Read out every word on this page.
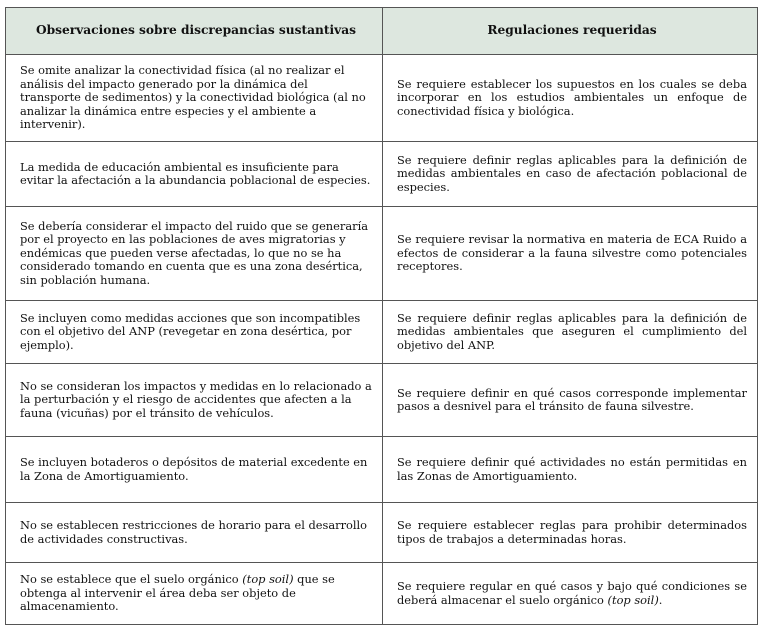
Observaciones sobre discrepancias sustantivas	Regulaciones requeridas

Se omite analizar la conectividad física (al no realizar el análisis del impacto generado por la dinámica del transporte de sedimentos) y la conectividad biológica (al no analizar la dinámica entre especies y el ambiente a intervenir).	Se requiere establecer los supuestos en los cuales se deba incorporar en los estudios ambientales un enfoque de conectividad física y biológica.

La medida de educación ambiental es insuficiente para evitar la afectación a la abundancia poblacional de especies.	Se requiere definir reglas aplicables para la definición de medidas ambientales en caso de afectación poblacional de especies.

Se debería considerar el impacto del ruido que se generaría por el proyecto en las poblaciones de aves migratorias y endémicas que pueden verse afectadas, lo que no se ha considerado tomando en cuenta que es una zona desértica, sin población humana.	Se requiere revisar la normativa en materia de ECA Ruido a efectos de considerar a la fauna silvestre como potenciales receptores.

Se incluyen como medidas acciones que son incompatibles con el objetivo del ANP (revegetar en zona desértica, por ejemplo).	Se requiere definir reglas aplicables para la definición de medidas ambientales que aseguren el cumplimiento del objetivo del ANP.

No se consideran los impactos y medidas en lo relacionado a la perturbación y el riesgo de accidentes que afecten a la fauna (vicuñas) por el tránsito de vehículos.	Se requiere definir en qué casos corresponde implementar pasos a desnivel para el tránsito de fauna silvestre.

Se incluyen botaderos o depósitos de material excedente en la Zona de Amortiguamiento.	Se requiere definir qué actividades no están permitidas en las Zonas de Amortiguamiento.

No se establecen restricciones de horario para el desarrollo de actividades constructivas.	Se requiere establecer reglas para prohibir determinados tipos de trabajos a determinadas horas.

No se establece que el suelo orgánico (top soil) que se obtenga al intervenir el área deba ser objeto de almacenamiento.	Se requiere regular en qué casos y bajo qué condiciones se deberá almacenar el suelo orgánico (top soil).
